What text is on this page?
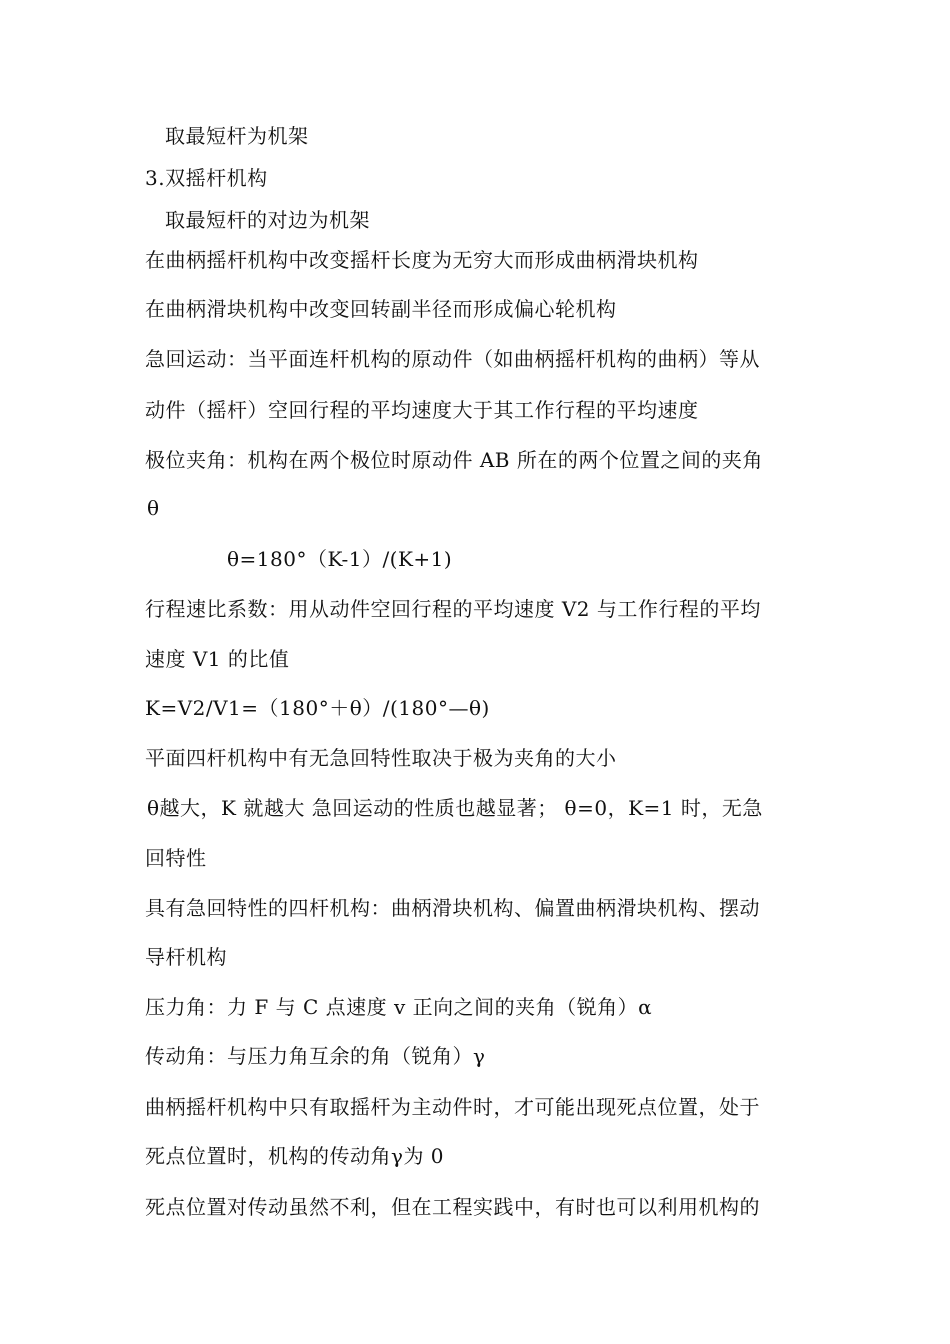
取最短杆为机架
3.双摇杆机构
取最短杆的对边为机架
在曲柄摇杆机构中改变摇杆长度为无穷大而形成曲柄滑块机构
在曲柄滑块机构中改变回转副半径而形成偏心轮机构
急回运动：当平面连杆机构的原动件（如曲柄摇杆机构的曲柄）等从
动件（摇杆）空回行程的平均速度大于其工作行程的平均速度
极位夹角：机构在两个极位时原动件 AB 所在的两个位置之间的夹角
θ
θ=180°（K-1）/(K+1)
行程速比系数：用从动件空回行程的平均速度 V2 与工作行程的平均
速度 V1 的比值
K=V2/V1=（180°＋θ）/(180°—θ)
平面四杆机构中有无急回特性取决于极为夹角的大小
θ越大，K 就越大 急回运动的性质也越显著； θ=0，K=1 时，无急
回特性
具有急回特性的四杆机构：曲柄滑块机构、偏置曲柄滑块机构、摆动
导杆机构
压力角：力 F 与 C 点速度 v 正向之间的夹角（锐角）α
传动角：与压力角互余的角（锐角）γ
曲柄摇杆机构中只有取摇杆为主动件时，才可能出现死点位置，处于
死点位置时，机构的传动角γ为 0
死点位置对传动虽然不利，但在工程实践中，有时也可以利用机构的
